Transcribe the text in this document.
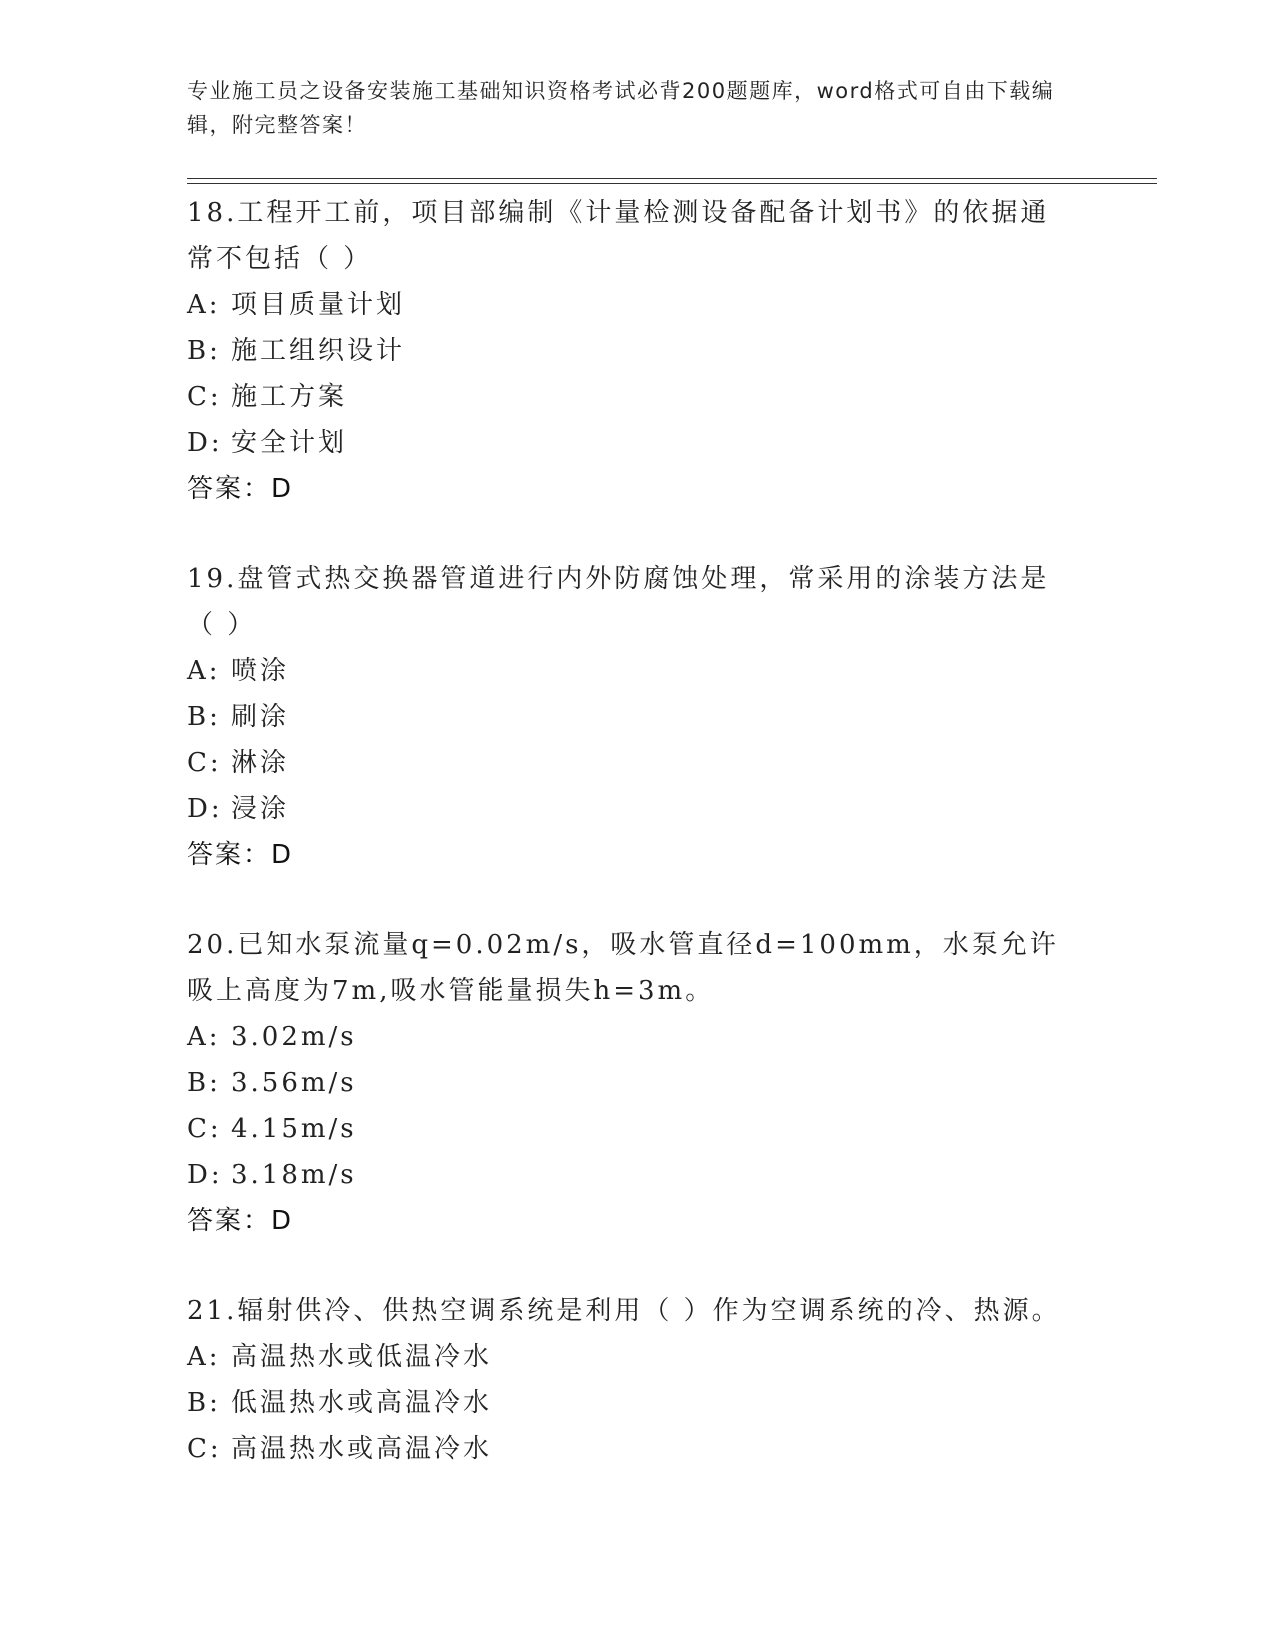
专业施工员之设备安装施工基础知识资格考试必背200题题库，word格式可自由下载编辑，附完整答案！
18.工程开工前，项目部编制《计量检测设备配备计划书》的依据通常不包括（ ）
A: 项目质量计划
B: 施工组织设计
C: 施工方案
D: 安全计划
答案：D
19.盘管式热交换器管道进行内外防腐蚀处理，常采用的涂装方法是（ ）
A: 喷涂
B: 刷涂
C: 淋涂
D: 浸涂
答案：D
20.已知水泵流量q=0.02m/s，吸水管直径d=100mm，水泵允许吸上高度为7m,吸水管能量损失h=3m。
A: 3.02m/s
B: 3.56m/s
C: 4.15m/s
D: 3.18m/s
答案：D
21.辐射供冷、供热空调系统是利用（ ）作为空调系统的冷、热源。
A: 高温热水或低温冷水
B: 低温热水或高温冷水
C: 高温热水或高温冷水
